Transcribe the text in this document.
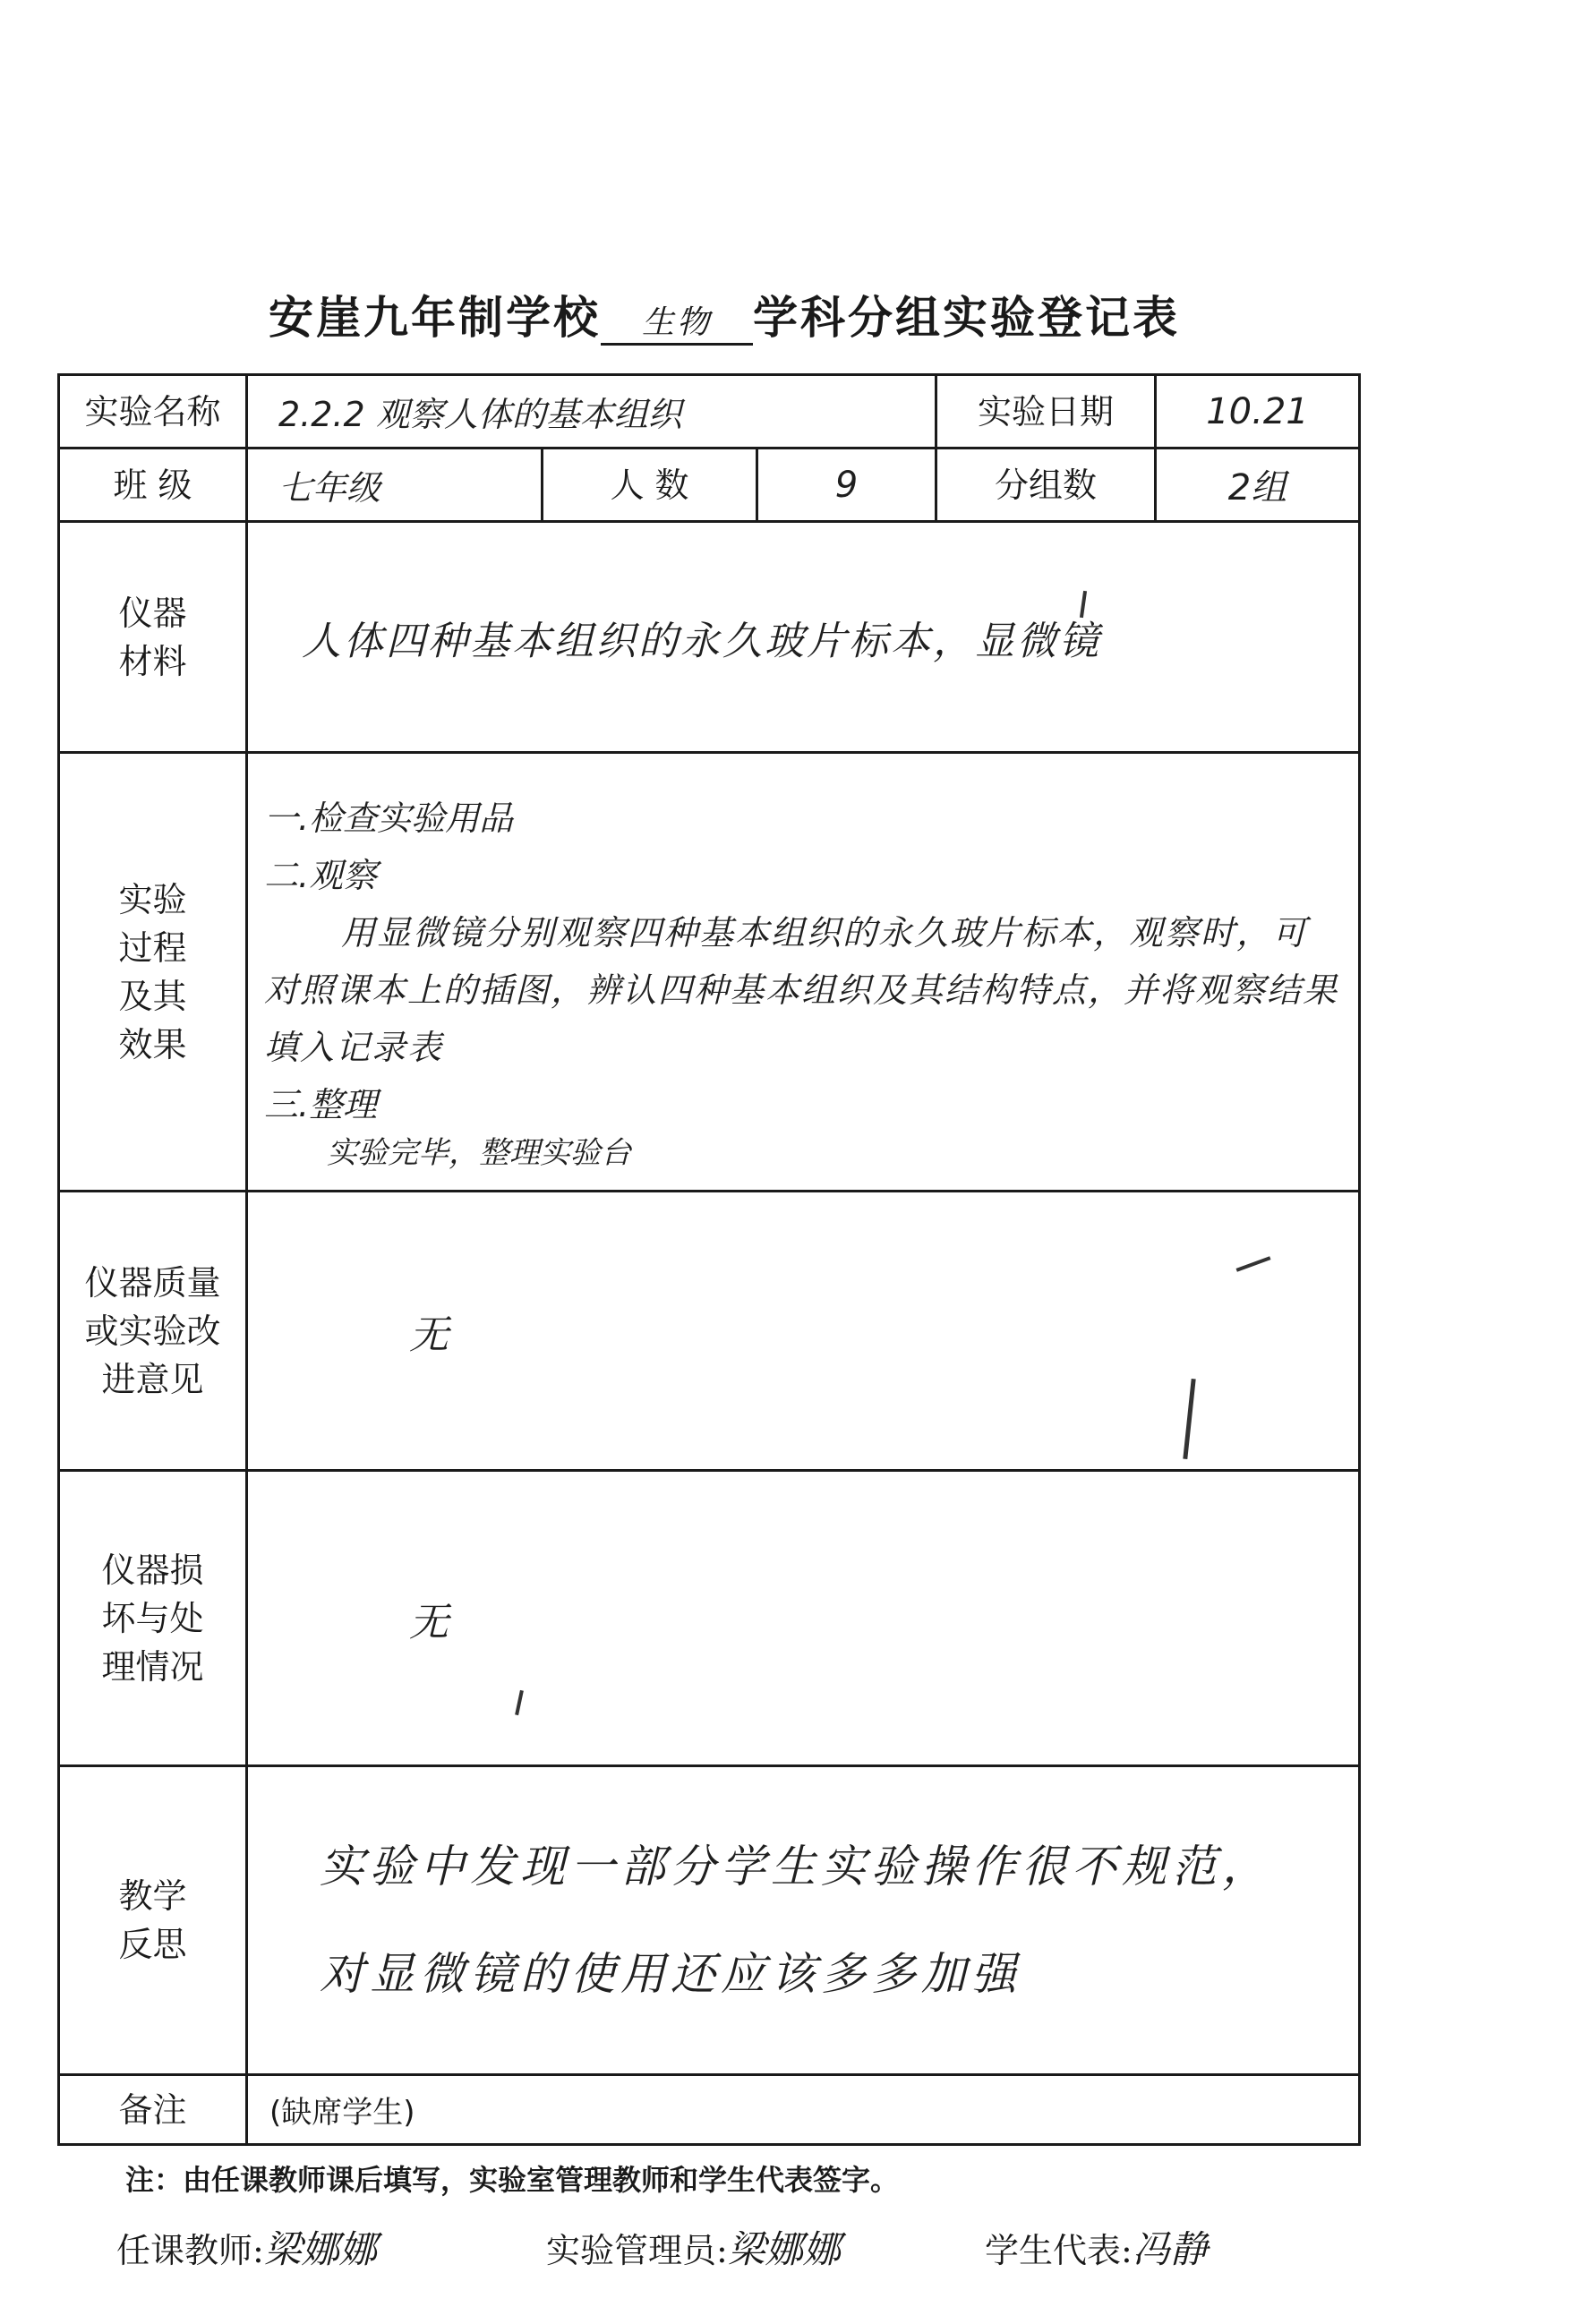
安崖九年制学校 生物 学科分组实验登记表
实验名称	2.2.2 观察人体的基本组织			实验日期	10.21
班 级	七年级	人 数	9	分组数	2组

仪器材料	人体四种基本组织的永久玻片标本，显微镜				

实验过程及其效果	一.检查实验用品
二.观察
用显微镜分别观察四种基本组织的永久玻片标本，观察时，可对照课本上的插图，辨认四种基本组织及其结构特点，并将观察结果填入记录表
三.整理
实验完毕，整理实验台				

仪器质量或实验改进意见	无				

仪器损坏与处理情况	无				

教学反思	实验中发现一部分学生实验操作很不规范，对显微镜的使用还应该多多加强				
备注	(缺席学生)				
注：由任课教师课后填写，实验室管理教师和学生代表签字。
任课教师:梁娜娜	实验管理员:梁娜娜	学生代表:冯静
